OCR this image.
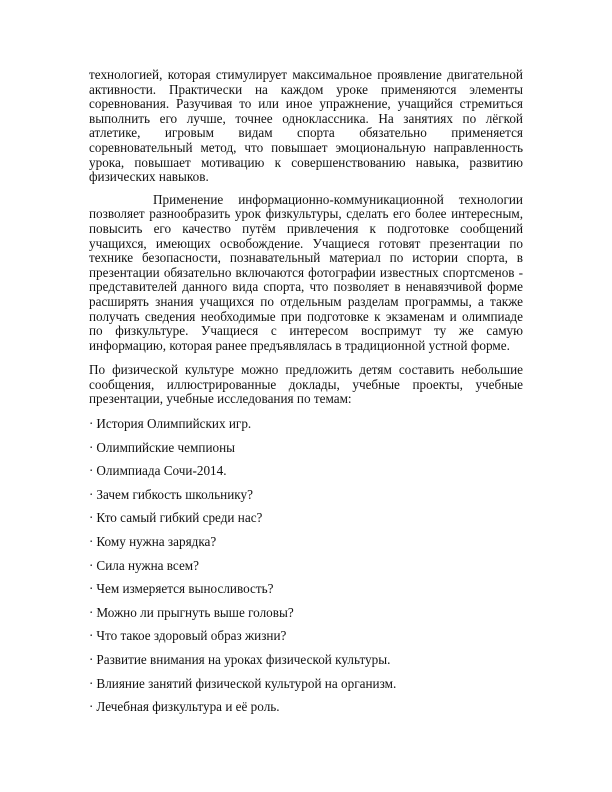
технологией, которая стимулирует максимальное проявление двигательной активности. Практически на каждом уроке применяются элементы соревнования. Разучивая то или иное упражнение, учащийся стремиться выполнить его лучше, точнее одноклассника. На занятиях по лёгкой атлетике, игровым видам спорта обязательно применяется соревновательный метод, что повышает эмоциональную направленность урока, повышает мотивацию к совершенствованию навыка, развитию физических навыков.

Применение информационно-коммуникационной технологии позволяет разнообразить урок физкультуры, сделать его более интересным, повысить его качество путём привлечения к подготовке сообщений учащихся, имеющих освобождение. Учащиеся готовят презентации по технике безопасности, познавательный материал по истории спорта, в презентации обязательно включаются фотографии известных спортсменов - представителей данного вида спорта, что позволяет в ненавязчивой форме расширять знания учащихся по отдельным разделам программы, а также получать сведения необходимые при подготовке к экзаменам и олимпиаде по физкультуре. Учащиеся с интересом воспримут ту же самую информацию, которая ранее предъявлялась в традиционной устной форме.

По физической культуре можно предложить детям составить небольшие сообщения, иллюстрированные доклады, учебные проекты, учебные презентации, учебные исследования по темам:

· История Олимпийских игр.
· Олимпийские чемпионы
· Олимпиада Сочи-2014.
· Зачем гибкость школьнику?
· Кто самый гибкий среди нас?
· Кому нужна зарядка?
· Сила нужна всем?
· Чем измеряется выносливость?
· Можно ли прыгнуть выше головы?
· Что такое здоровый образ жизни?
· Развитие внимания на уроках физической культуры.
· Влияние занятий физической культурой на организм.
· Лечебная физкультура и её роль.
